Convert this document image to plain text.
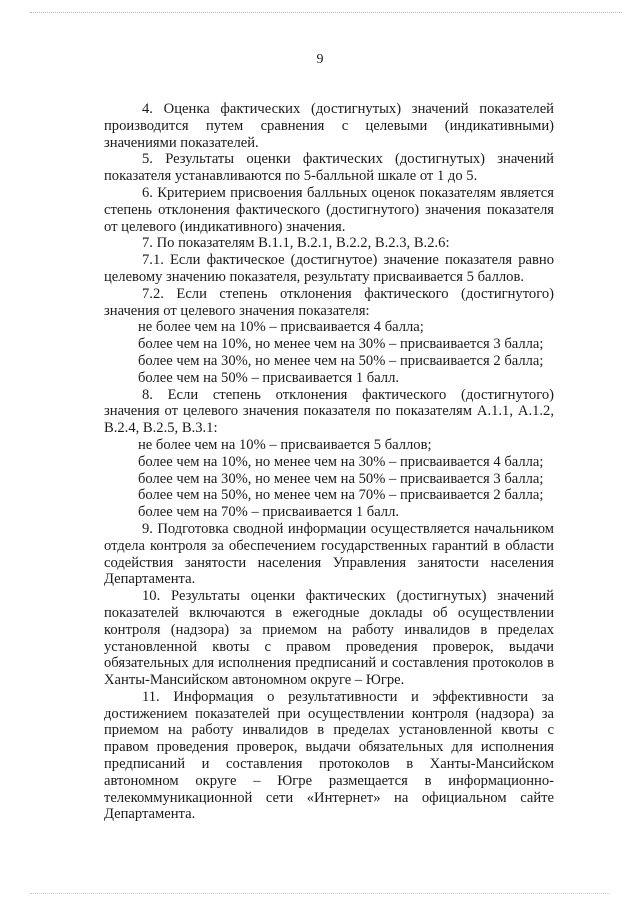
9

4. Оценка фактических (достигнутых) значений показателей производится путем сравнения с целевыми (индикативными) значениями показателей.

5. Результаты оценки фактических (достигнутых) значений показателя устанавливаются по 5-балльной шкале от 1 до 5.

6. Критерием присвоения балльных оценок показателям является степень отклонения фактического (достигнутого) значения показателя от целевого (индикативного) значения.

7. По показателям В.1.1, В.2.1, В.2.2, В.2.3, В.2.6:

7.1. Если фактическое (достигнутое) значение показателя равно целевому значению показателя, результату присваивается 5 баллов.

7.2. Если степень отклонения фактического (достигнутого) значения от целевого значения показателя:

не более чем на 10% – присваивается 4 балла;

более чем на 10%, но менее чем на 30% – присваивается 3 балла;

более чем на 30%, но менее чем на 50% – присваивается 2 балла;

более чем на 50% – присваивается 1 балл.

8. Если степень отклонения фактического (достигнутого) значения от целевого значения показателя по показателям А.1.1, А.1.2, В.2.4, В.2.5, В.3.1:

не более чем на 10% – присваивается 5 баллов;

более чем на 10%, но менее чем на 30% – присваивается 4 балла;

более чем на 30%, но менее чем на 50% – присваивается 3 балла;

более чем на 50%, но менее чем на 70% – присваивается 2 балла;

более чем на 70% – присваивается 1 балл.

9. Подготовка сводной информации осуществляется начальником отдела контроля за обеспечением государственных гарантий в области содействия занятости населения Управления занятости населения Департамента.

10. Результаты оценки фактических (достигнутых) значений показателей включаются в ежегодные доклады об осуществлении контроля (надзора) за приемом на работу инвалидов в пределах установленной квоты с правом проведения проверок, выдачи обязательных для исполнения предписаний и составления протоколов в Ханты-Мансийском автономном округе – Югре.

11. Информация о результативности и эффективности за достижением показателей при осуществлении контроля (надзора) за приемом на работу инвалидов в пределах установленной квоты с правом проведения проверок, выдачи обязательных для исполнения предписаний и составления протоколов в Ханты-Мансийском автономном округе – Югре размещается в информационно-телекоммуникационной сети «Интернет» на официальном сайте Департамента.
